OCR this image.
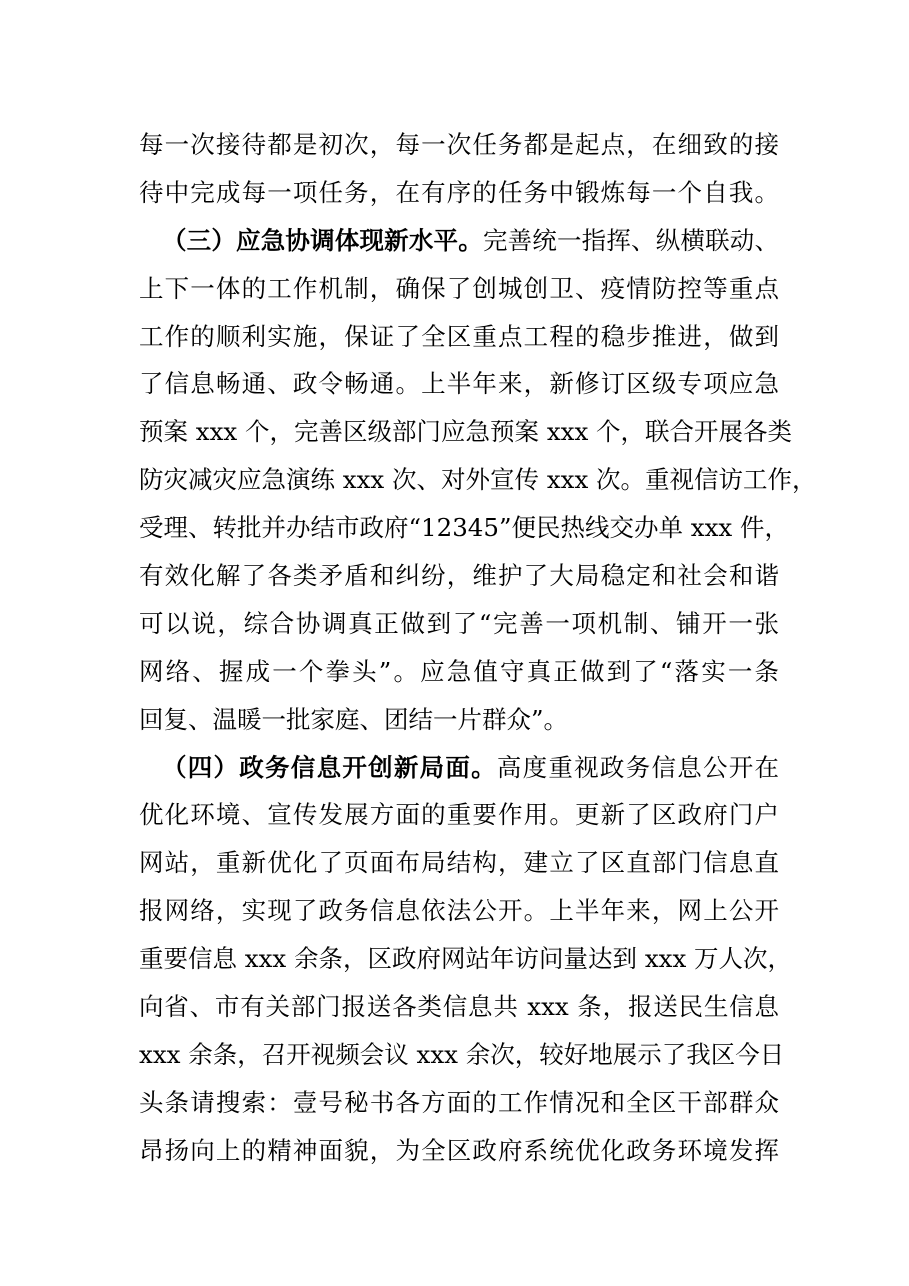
每一次接待都是初次，每一次任务都是起点，在细致的接
待中完成每一项任务，在有序的任务中锻炼每一个自我。
（三）应急协调体现新水平。完善统一指挥、纵横联动、
上下一体的工作机制，确保了创城创卫、疫情防控等重点
工作的顺利实施，保证了全区重点工程的稳步推进，做到
了信息畅通、政令畅通。上半年来，新修订区级专项应急
预案 xxx 个，完善区级部门应急预案 xxx 个，联合开展各类
防灾减灾应急演练 xxx 次、对外宣传 xxx 次。重视信访工作，
受理、转批并办结市政府“12345”便民热线交办单 xxx 件，
有效化解了各类矛盾和纠纷，维护了大局稳定和社会和谐
可以说，综合协调真正做到了“完善一项机制、铺开一张
网络、握成一个拳头”。应急值守真正做到了“落实一条
回复、温暖一批家庭、团结一片群众”。
（四）政务信息开创新局面。高度重视政务信息公开在
优化环境、宣传发展方面的重要作用。更新了区政府门户
网站，重新优化了页面布局结构，建立了区直部门信息直
报网络，实现了政务信息依法公开。上半年来，网上公开
重要信息 xxx 余条，区政府网站年访问量达到 xxx 万人次，
向省、市有关部门报送各类信息共 xxx 条，报送民生信息
xxx 余条，召开视频会议 xxx 余次，较好地展示了我区今日
头条请搜索：壹号秘书各方面的工作情况和全区干部群众
昂扬向上的精神面貌，为全区政府系统优化政务环境发挥
